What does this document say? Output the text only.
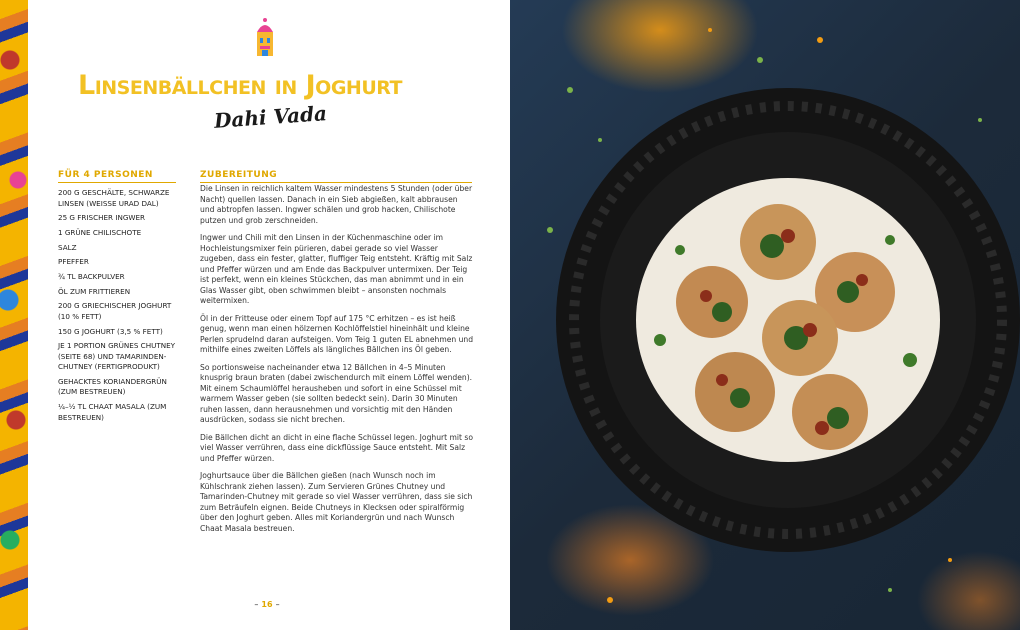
Linsenbällchen in Joghurt

Dahi Vada

FÜR 4 PERSONEN
200 G GESCHÄLTE, SCHWARZE LINSEN (WEISSE URAD DAL)
25 G FRISCHER INGWER
1 GRÜNE CHILISCHOTE
SALZ
PFEFFER
¾ TL BACKPULVER
ÖL ZUM FRITTIEREN
200 G GRIECHISCHER JOGHURT (10 % FETT)
150 G JOGHURT (3,5 % FETT)
JE 1 PORTION GRÜNES CHUTNEY (SEITE 68) UND TAMARINDEN-CHUTNEY (FERTIGPRODUKT)
GEHACKTES KORIANDERGRÜN (ZUM BESTREUEN)
¼–½ TL CHAAT MASALA (ZUM BESTREUEN)
ZUBEREITUNG

Die Linsen in reichlich kaltem Wasser mindestens 5 Stunden (oder über Nacht) quellen lassen. Danach in ein Sieb abgießen, kalt abbrausen und abtropfen lassen. Ingwer schälen und grob hacken, Chilischote putzen und grob zerschneiden.

Ingwer und Chili mit den Linsen in der Küchenmaschine oder im Hochleistungsmixer fein pürieren, dabei gerade so viel Wasser zugeben, dass ein fester, glatter, fluffiger Teig entsteht. Kräftig mit Salz und Pfeffer würzen und am Ende das Backpulver untermixen. Der Teig ist perfekt, wenn ein kleines Stückchen, das man abnimmt und in ein Glas Wasser gibt, oben schwimmen bleibt – ansonsten nochmals weitermixen.

Öl in der Fritteuse oder einem Topf auf 175 °C erhitzen – es ist heiß genug, wenn man einen hölzernen Kochlöffelstiel hineinhält und kleine Perlen sprudelnd daran aufsteigen. Vom Teig 1 guten EL abnehmen und mithilfe eines zweiten Löffels als längliches Bällchen ins Öl geben.

So portionsweise nacheinander etwa 12 Bällchen in 4–5 Minuten knusprig braun braten (dabei zwischendurch mit einem Löffel wenden). Mit einem Schaumlöffel herausheben und sofort in eine Schüssel mit warmem Wasser geben (sie sollten bedeckt sein). Darin 30 Minuten ruhen lassen, dann herausnehmen und vorsichtig mit den Händen ausdrücken, sodass sie nicht brechen.

Die Bällchen dicht an dicht in eine flache Schüssel legen. Joghurt mit so viel Wasser verrühren, dass eine dickflüssige Sauce entsteht. Mit Salz und Pfeffer würzen.

Joghurtsauce über die Bällchen gießen (nach Wunsch noch im Kühlschrank ziehen lassen). Zum Servieren Grünes Chutney und Tamarinden-Chutney mit gerade so viel Wasser verrühren, dass sie sich zum Beträufeln eignen. Beide Chutneys in Klecksen oder spiralförmig über den Joghurt geben. Alles mit Koriandergrün und nach Wunsch Chaat Masala bestreuen.

– 16 –
